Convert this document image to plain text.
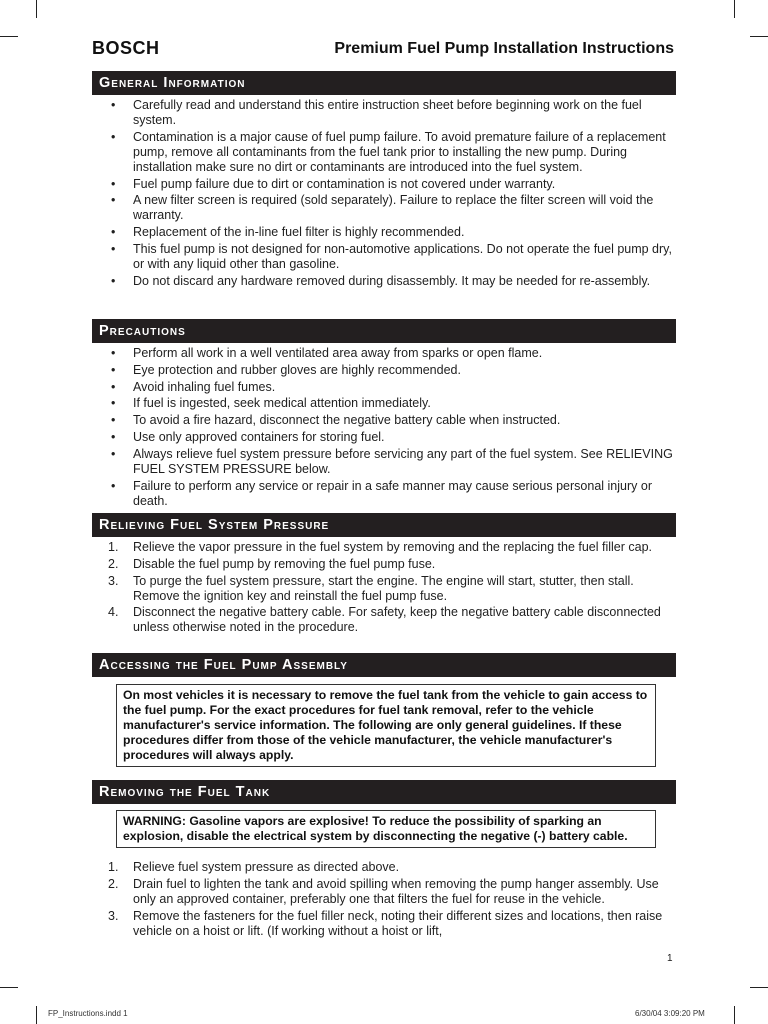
BOSCH	Premium Fuel Pump Installation Instructions
General Information
• Carefully read and understand this entire instruction sheet before beginning work on the fuel system.
• Contamination is a major cause of fuel pump failure. To avoid premature failure of a replacement pump, remove all contaminants from the fuel tank prior to installing the new pump. During installation make sure no dirt or contaminants are introduced into the fuel system.
• Fuel pump failure due to dirt or contamination is not covered under warranty.
• A new filter screen is required (sold separately). Failure to replace the filter screen will void the warranty.
• Replacement of the in-line fuel filter is highly recommended.
• This fuel pump is not designed for non-automotive applications. Do not operate the fuel pump dry, or with any liquid other than gasoline.
• Do not discard any hardware removed during disassembly. It may be needed for re-assembly.
Precautions
• Perform all work in a well ventilated area away from sparks or open flame.
• Eye protection and rubber gloves are highly recommended.
• Avoid inhaling fuel fumes.
• If fuel is ingested, seek medical attention immediately.
• To avoid a fire hazard, disconnect the negative battery cable when instructed.
• Use only approved containers for storing fuel.
• Always relieve fuel system pressure before servicing any part of the fuel system. See RELIEVING FUEL SYSTEM PRESSURE below.
• Failure to perform any service or repair in a safe manner may cause serious personal injury or death.
Relieving Fuel System Pressure
1. Relieve the vapor pressure in the fuel system by removing and the replacing the fuel filler cap.
2. Disable the fuel pump by removing the fuel pump fuse.
3. To purge the fuel system pressure, start the engine. The engine will start, stutter, then stall. Remove the ignition key and reinstall the fuel pump fuse.
4. Disconnect the negative battery cable. For safety, keep the negative battery cable disconnected unless otherwise noted in the procedure.
Accessing the Fuel Pump Assembly
On most vehicles it is necessary to remove the fuel tank from the vehicle to gain access to the fuel pump. For the exact procedures for fuel tank removal, refer to the vehicle manufacturer's service information. The following are only general guidelines. If these procedures differ from those of the vehicle manufacturer, the vehicle manufacturer's procedures will always apply.
Removing the Fuel Tank
WARNING: Gasoline vapors are explosive! To reduce the possibility of sparking an explosion, disable the electrical system by disconnecting the negative (-) battery cable.
1. Relieve fuel system pressure as directed above.
2. Drain fuel to lighten the tank and avoid spilling when removing the pump hanger assembly. Use only an approved container, preferably one that filters the fuel for reuse in the vehicle.
3. Remove the fasteners for the fuel filler neck, noting their different sizes and locations, then raise vehicle on a hoist or lift. (If working without a hoist or lift,
1
FP_Instructions.indd 1	6/30/04 3:09:20 PM
